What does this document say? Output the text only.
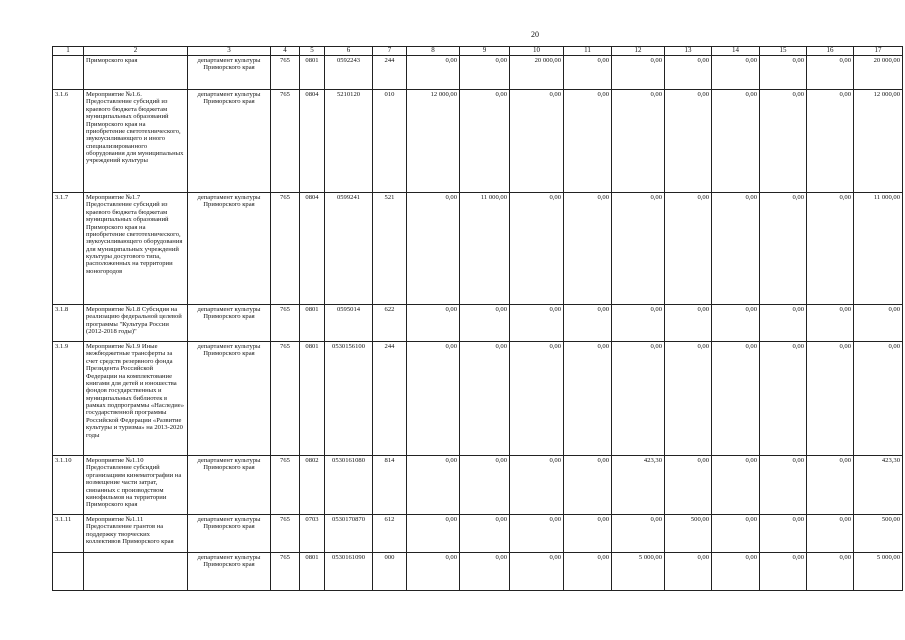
20
1	2	3	4	5	6	7	8	9	10	11	12	13	14	15	16	17
	Приморского края	департамент культуры Приморского края	765	0801	0592243	244	0,00	0,00	20 000,00	0,00	0,00	0,00	0,00	0,00	0,00	20 000,00
3.1.6	Мероприятие №1.6. Предоставление субсидий из краевого бюджета бюджетам муниципальных образований Приморского края на приобретение светотехнического, звукоусиливающего и иного специализированного оборудования для муниципальных учреждений культуры	департамент культуры Приморского края	765	0804	5210120	010	12 000,00	0,00	0,00	0,00	0,00	0,00	0,00	0,00	0,00	12 000,00
3.1.7	Мероприятие №1.7 Предоставление субсидий из краевого бюджета бюджетам муниципальных образований Приморского края на приобретение светотехнического, звукоусиливающего оборудования для муниципальных учреждений культуры досугового типа, расположенных на территории моногородов	департамент культуры Приморского края	765	0804	0599241	521	0,00	11 000,00	0,00	0,00	0,00	0,00	0,00	0,00	0,00	11 000,00
3.1.8	Мероприятие №1.8 Субсидия на реализацию федеральной целевой программы "Культура России (2012-2018 годы)"	департамент культуры Приморского края	765	0801	0595014	622	0,00	0,00	0,00	0,00	0,00	0,00	0,00	0,00	0,00	0,00
3.1.9	Мероприятие №1.9 Иные межбюджетные трансферты за счет средств резервного фонда Президента Российской Федерации на комплектование книгами для детей и юношества фондов государственных и муниципальных библиотек в рамках подпрограммы «Наследие» государственной программы Российской Федерации «Развитие культуры и туризма» на 2013-2020 годы	департамент культуры Приморского края	765	0801	0530156100	244	0,00	0,00	0,00	0,00	0,00	0,00	0,00	0,00	0,00	0,00
3.1.10	Мероприятие №1.10 Предоставление субсидий организациям кинематографии на возмещение части затрат, связанных с производством кинофильмов на территории Приморского края	департамент культуры Приморского края	765	0802	0530161080	814	0,00	0,00	0,00	0,00	423,30	0,00	0,00	0,00	0,00	423,30
3.1.11	Мероприятие №1.11 Предоставление грантов на поддержку творческих коллективов Приморского края	департамент культуры Приморского края	765	0703	0530170870	612	0,00	0,00	0,00	0,00	0,00	500,00	0,00	0,00	0,00	500,00
		департамент культуры Приморского края	765	0801	0530161090	000	0,00	0,00	0,00	0,00	5 000,00	0,00	0,00	0,00	0,00	5 000,00
